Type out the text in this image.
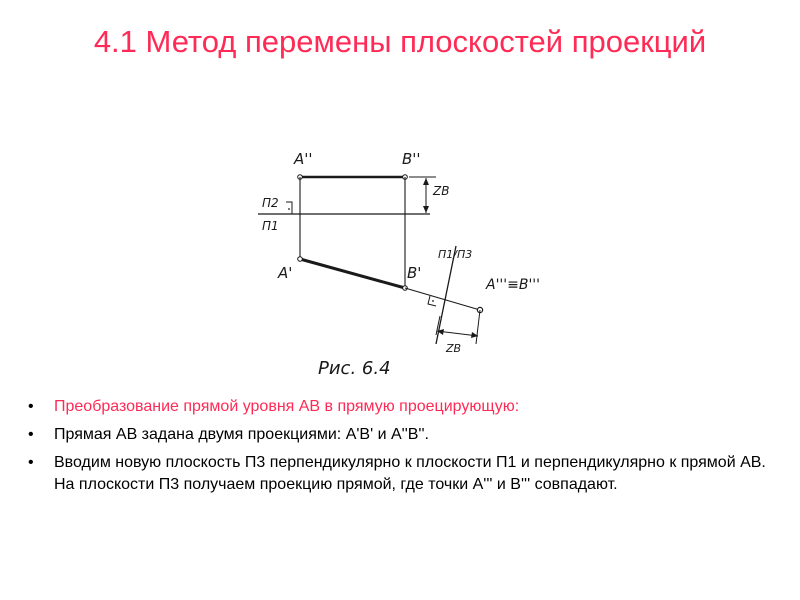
4.1 Метод перемены плоскостей проекций
A''	B''
П2
П1
A'	B'
ZB
П1/П3
A'''≡B'''
ZB
Рис. 6.4
• Преобразование прямой уровня АВ в прямую проецирующую:
• Прямая АВ задана двумя проекциями: А'В' и А''В''.
• Вводим новую плоскость П3 перпендикулярно к плоскости П1 и перпендикулярно к прямой АВ. На плоскости П3 получаем проекцию прямой, где точки А''' и В''' совпадают.
